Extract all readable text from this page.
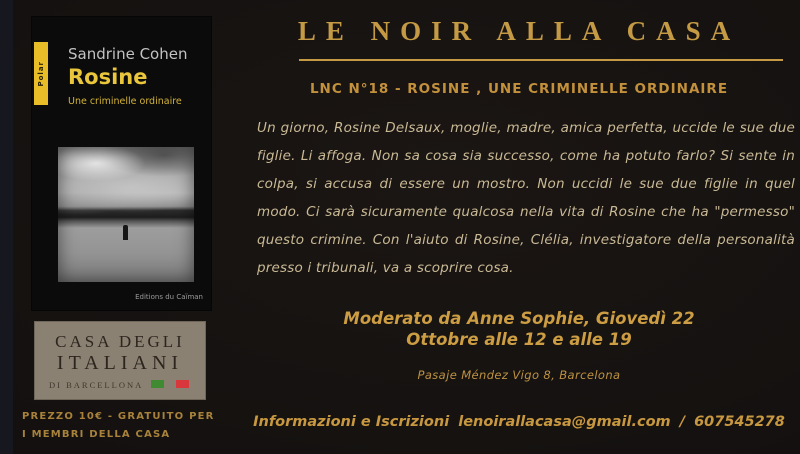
Polar
Sandrine Cohen
Rosine
Une criminelle ordinaire
Editions du Caïman
CASA DEGLI
ITALIANI
DI BARCELLONA
PREZZO 10€ - GRATUITO PER
I MEMBRI DELLA CASA
LE NOIR ALLA CASA
LNC N°18 - ROSINE , UNE CRIMINELLE ORDINAIRE
Un giorno, Rosine Delsaux, moglie, madre, amica perfetta, uccide le sue due figlie. Li affoga. Non sa cosa sia successo, come ha potuto farlo? Si sente in colpa, si accusa di essere un mostro. Non uccidi le sue due figlie in quel modo. Ci sarà sicuramente qualcosa nella vita di Rosine che ha "permesso" questo crimine. Con l'aiuto di Rosine, Clélia, investigatore della personalità presso i tribunali, va a scoprire cosa.
Moderato da Anne Sophie, Giovedì 22
Ottobre alle 12 e alle 19
Pasaje Méndez Vigo 8, Barcelona
Informazioni e Iscrizioni lenoirallacasa@gmail.com / 607545278
